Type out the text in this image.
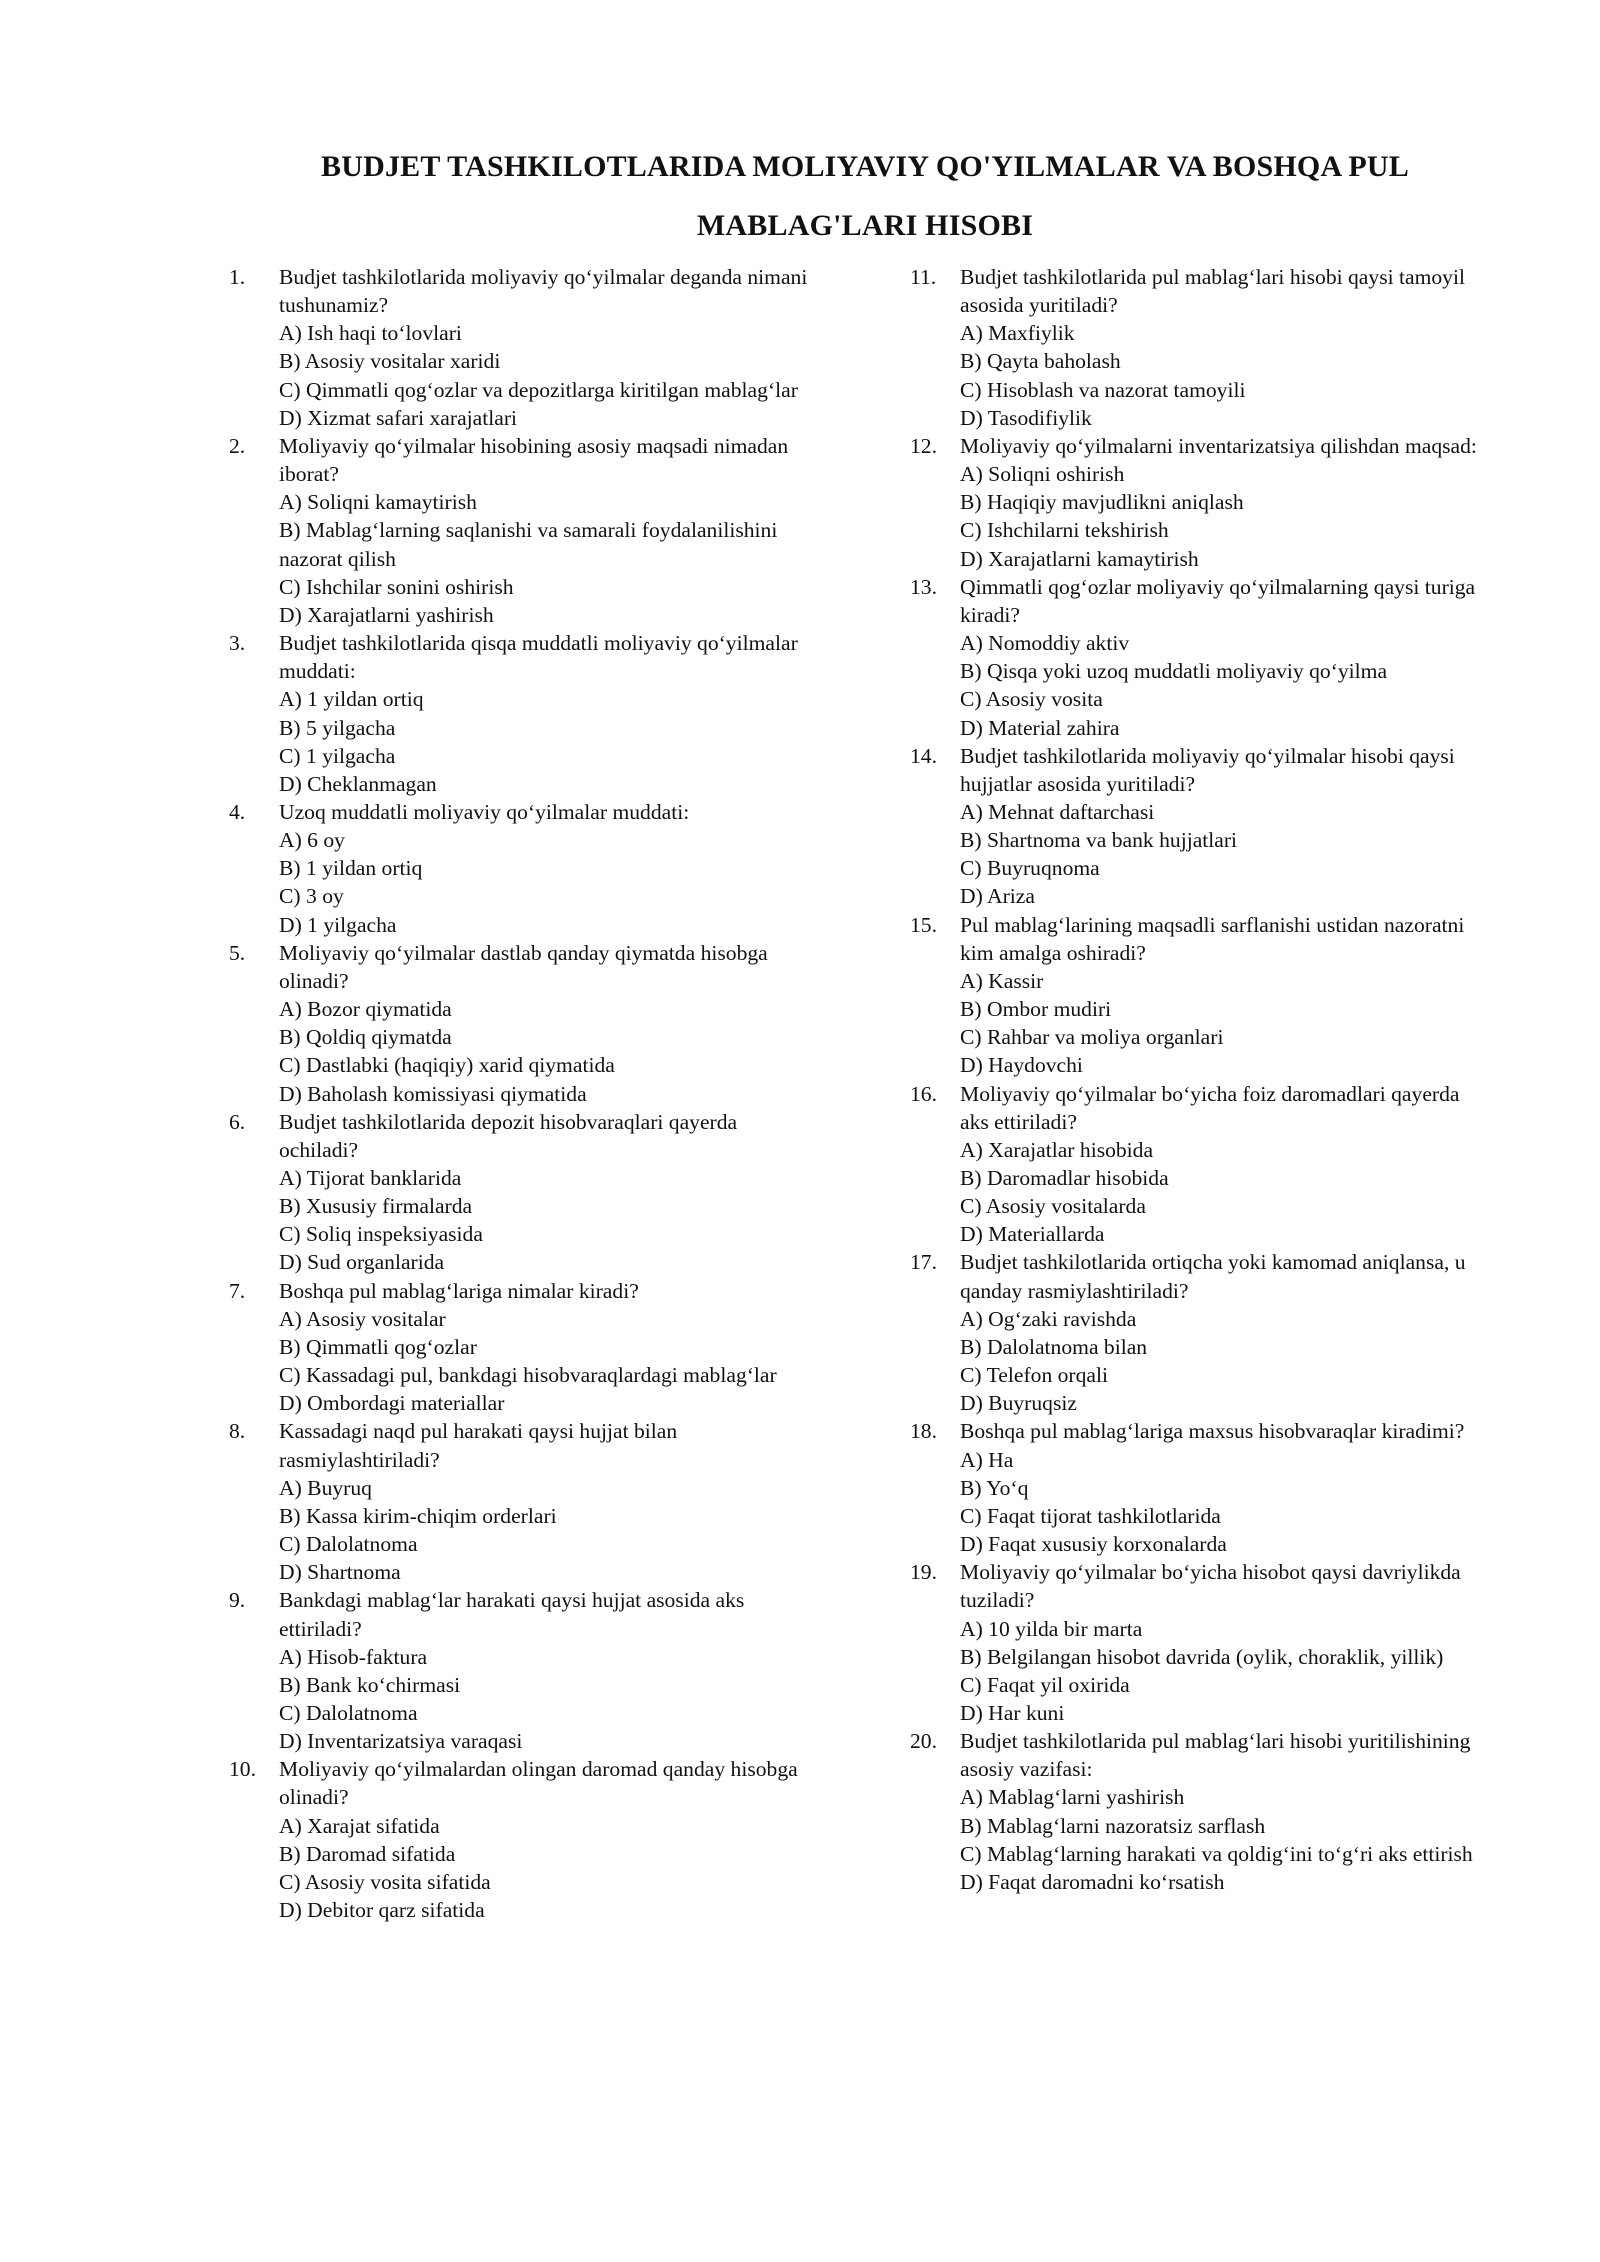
BUDJET TASHKILOTLARIDA MOLIYAVIY QO'YILMALAR VA BOSHQA PUL
MABLAG'LARI HISOBI
1. Budjet tashkilotlarida moliyaviy qo‘yilmalar deganda nimani tushunamiz?
A) Ish haqi to‘lovlari
B) Asosiy vositalar xaridi
C) Qimmatli qog‘ozlar va depozitlarga kiritilgan mablag‘lar
D) Xizmat safari xarajatlari
2. Moliyaviy qo‘yilmalar hisobining asosiy maqsadi nimadan iborat?
A) Soliqni kamaytirish
B) Mablag‘larning saqlanishi va samarali foydalanilishini nazorat qilish
C) Ishchilar sonini oshirish
D) Xarajatlarni yashirish
3. Budjet tashkilotlarida qisqa muddatli moliyaviy qo‘yilmalar muddati:
A) 1 yildan ortiq
B) 5 yilgacha
C) 1 yilgacha
D) Cheklanmagan
4. Uzoq muddatli moliyaviy qo‘yilmalar muddati:
A) 6 oy
B) 1 yildan ortiq
C) 3 oy
D) 1 yilgacha
5. Moliyaviy qo‘yilmalar dastlab qanday qiymatda hisobga olinadi?
A) Bozor qiymatida
B) Qoldiq qiymatda
C) Dastlabki (haqiqiy) xarid qiymatida
D) Baholash komissiyasi qiymatida
6. Budjet tashkilotlarida depozit hisobvaraqlari qayerda ochiladi?
A) Tijorat banklarida
B) Xususiy firmalarda
C) Soliq inspeksiyasida
D) Sud organlarida
7. Boshqa pul mablag‘lariga nimalar kiradi?
A) Asosiy vositalar
B) Qimmatli qog‘ozlar
C) Kassadagi pul, bankdagi hisobvaraqlardagi mablag‘lar
D) Ombordagi materiallar
8. Kassadagi naqd pul harakati qaysi hujjat bilan rasmiylashtiriladi?
A) Buyruq
B) Kassa kirim-chiqim orderlari
C) Dalolatnoma
D) Shartnoma
9. Bankdagi mablag‘lar harakati qaysi hujjat asosida aks ettiriladi?
A) Hisob-faktura
B) Bank ko‘chirmasi
C) Dalolatnoma
D) Inventarizatsiya varaqasi
10. Moliyaviy qo‘yilmalardan olingan daromad qanday hisobga olinadi?
A) Xarajat sifatida
B) Daromad sifatida
C) Asosiy vosita sifatida
D) Debitor qarz sifatida
11. Budjet tashkilotlarida pul mablag‘lari hisobi qaysi tamoyil asosida yuritiladi?
A) Maxfiylik
B) Qayta baholash
C) Hisoblash va nazorat tamoyili
D) Tasodifiylik
12. Moliyaviy qo‘yilmalarni inventarizatsiya qilishdan maqsad:
A) Soliqni oshirish
B) Haqiqiy mavjudlikni aniqlash
C) Ishchilarni tekshirish
D) Xarajatlarni kamaytirish
13. Qimmatli qog‘ozlar moliyaviy qo‘yilmalarning qaysi turiga kiradi?
A) Nomoddiy aktiv
B) Qisqa yoki uzoq muddatli moliyaviy qo‘yilma
C) Asosiy vosita
D) Material zahira
14. Budjet tashkilotlarida moliyaviy qo‘yilmalar hisobi qaysi hujjatlar asosida yuritiladi?
A) Mehnat daftarchasi
B) Shartnoma va bank hujjatlari
C) Buyruqnoma
D) Ariza
15. Pul mablag‘larining maqsadli sarflanishi ustidan nazoratni kim amalga oshiradi?
A) Kassir
B) Ombor mudiri
C) Rahbar va moliya organlari
D) Haydovchi
16. Moliyaviy qo‘yilmalar bo‘yicha foiz daromadlari qayerda aks ettiriladi?
A) Xarajatlar hisobida
B) Daromadlar hisobida
C) Asosiy vositalarda
D) Materiallarda
17. Budjet tashkilotlarida ortiqcha yoki kamomad aniqlansa, u qanday rasmiylashtiriladi?
A) Og‘zaki ravishda
B) Dalolatnoma bilan
C) Telefon orqali
D) Buyruqsiz
18. Boshqa pul mablag‘lariga maxsus hisobvaraqlar kiradimi?
A) Ha
B) Yo‘q
C) Faqat tijorat tashkilotlarida
D) Faqat xususiy korxonalarda
19. Moliyaviy qo‘yilmalar bo‘yicha hisobot qaysi davriylikda tuziladi?
A) 10 yilda bir marta
B) Belgilangan hisobot davrida (oylik, choraklik, yillik)
C) Faqat yil oxirida
D) Har kuni
20. Budjet tashkilotlarida pul mablag‘lari hisobi yuritilishining asosiy vazifasi:
A) Mablag‘larni yashirish
B) Mablag‘larni nazoratsiz sarflash
C) Mablag‘larning harakati va qoldig‘ini to‘g‘ri aks ettirish
D) Faqat daromadni ko‘rsatish
